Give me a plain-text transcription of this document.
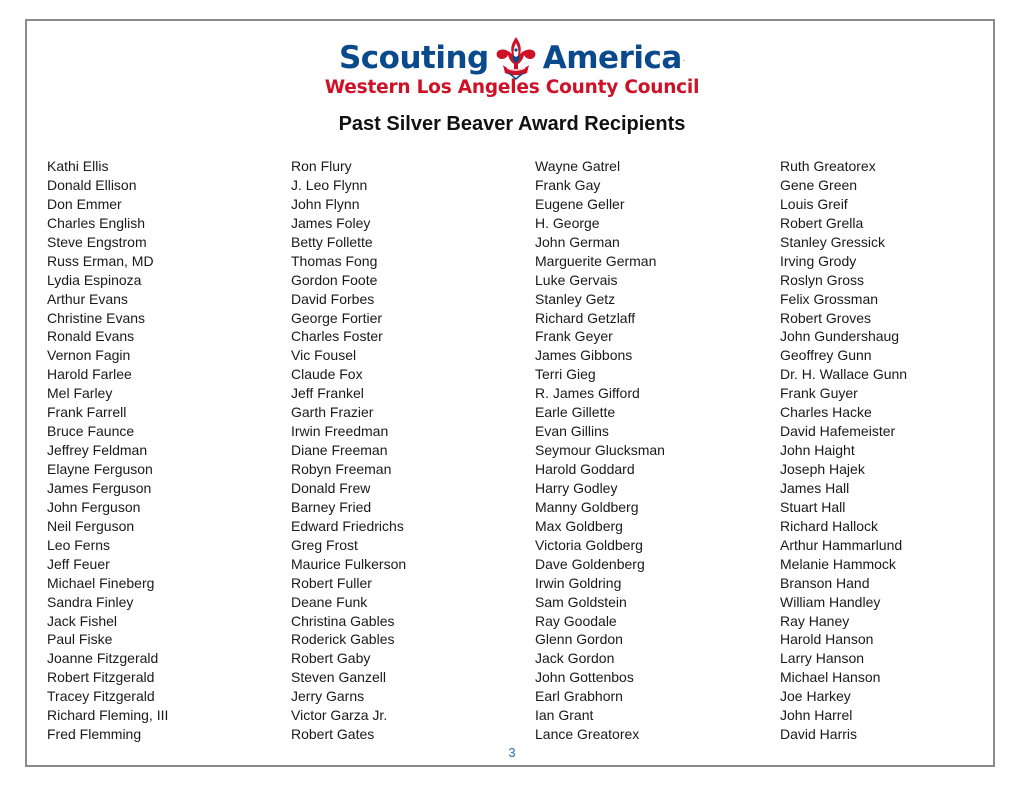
Scouting America .
Western Los Angeles County Council
Past Silver Beaver Award Recipients
Kathi Ellis
Donald Ellison
Don Emmer
Charles English
Steve Engstrom
Russ Erman, MD
Lydia Espinoza
Arthur Evans
Christine Evans
Ronald Evans
Vernon Fagin
Harold Farlee
Mel Farley
Frank Farrell
Bruce Faunce
Jeffrey Feldman
Elayne Ferguson
James Ferguson
John Ferguson
Neil Ferguson
Leo Ferns
Jeff Feuer
Michael Fineberg
Sandra Finley
Jack Fishel
Paul Fiske
Joanne Fitzgerald
Robert Fitzgerald
Tracey Fitzgerald
Richard Fleming, III
Fred Flemming
Ron Flury
J. Leo Flynn
John Flynn
James Foley
Betty Follette
Thomas Fong
Gordon Foote
David Forbes
George Fortier
Charles Foster
Vic Fousel
Claude Fox
Jeff Frankel
Garth Frazier
Irwin Freedman
Diane Freeman
Robyn Freeman
Donald Frew
Barney Fried
Edward Friedrichs
Greg Frost
Maurice Fulkerson
Robert Fuller
Deane Funk
Christina Gables
Roderick Gables
Robert Gaby
Steven Ganzell
Jerry Garns
Victor Garza Jr.
Robert Gates
Wayne Gatrel
Frank Gay
Eugene Geller
H. George
John German
Marguerite German
Luke Gervais
Stanley Getz
Richard Getzlaff
Frank Geyer
James Gibbons
Terri Gieg
R. James Gifford
Earle Gillette
Evan Gillins
Seymour Glucksman
Harold Goddard
Harry Godley
Manny Goldberg
Max Goldberg
Victoria Goldberg
Dave Goldenberg
Irwin Goldring
Sam Goldstein
Ray Goodale
Glenn Gordon
Jack Gordon
John Gottenbos
Earl Grabhorn
Ian Grant
Lance Greatorex
Ruth Greatorex
Gene Green
Louis Greif
Robert Grella
Stanley Gressick
Irving Grody
Roslyn Gross
Felix Grossman
Robert Groves
John Gundershaug
Geoffrey Gunn
Dr. H. Wallace Gunn
Frank Guyer
Charles Hacke
David Hafemeister
John Haight
Joseph Hajek
James Hall
Stuart Hall
Richard Hallock
Arthur Hammarlund
Melanie Hammock
Branson Hand
William Handley
Ray Haney
Harold Hanson
Larry Hanson
Michael Hanson
Joe Harkey
John Harrel
David Harris
3
